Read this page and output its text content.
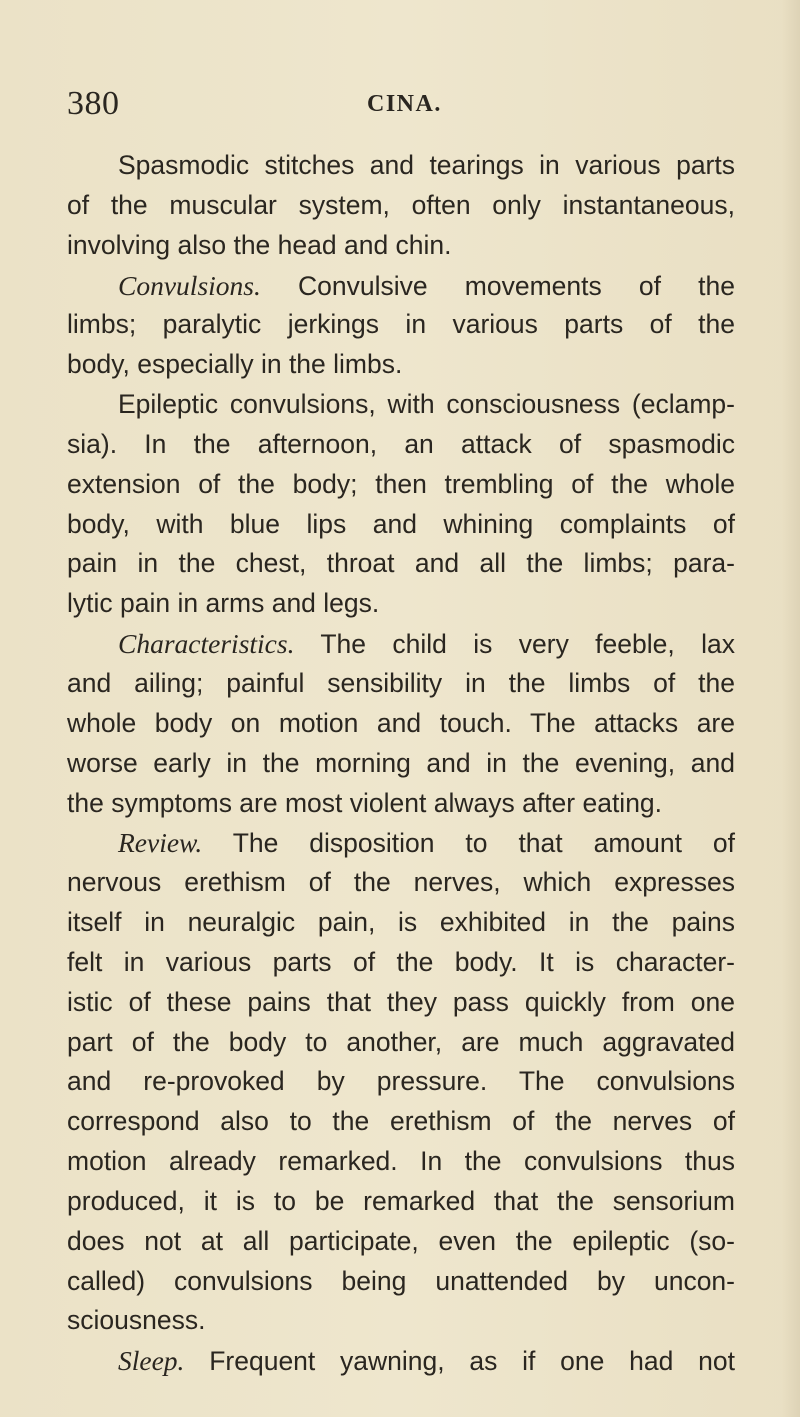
380	CINA.
Spasmodic stitches and tearings in various parts
of the muscular system, often only instantaneous,
involving also the head and chin.
Convulsions. Convulsive movements of the
limbs; paralytic jerkings in various parts of the
body, especially in the limbs.
Epileptic convulsions, with consciousness (eclamp-
sia). In the afternoon, an attack of spasmodic
extension of the body; then trembling of the whole
body, with blue lips and whining complaints of
pain in the chest, throat and all the limbs; para-
lytic pain in arms and legs.
Characteristics. The child is very feeble, lax
and ailing; painful sensibility in the limbs of the
whole body on motion and touch. The attacks are
worse early in the morning and in the evening, and
the symptoms are most violent always after eating.
Review. The disposition to that amount of
nervous erethism of the nerves, which expresses
itself in neuralgic pain, is exhibited in the pains
felt in various parts of the body. It is character-
istic of these pains that they pass quickly from one
part of the body to another, are much aggravated
and re-provoked by pressure. The convulsions
correspond also to the erethism of the nerves of
motion already remarked. In the convulsions thus
produced, it is to be remarked that the sensorium
does not at all participate, even the epileptic (so-
called) convulsions being unattended by uncon-
sciousness.
Sleep. Frequent yawning, as if one had not
